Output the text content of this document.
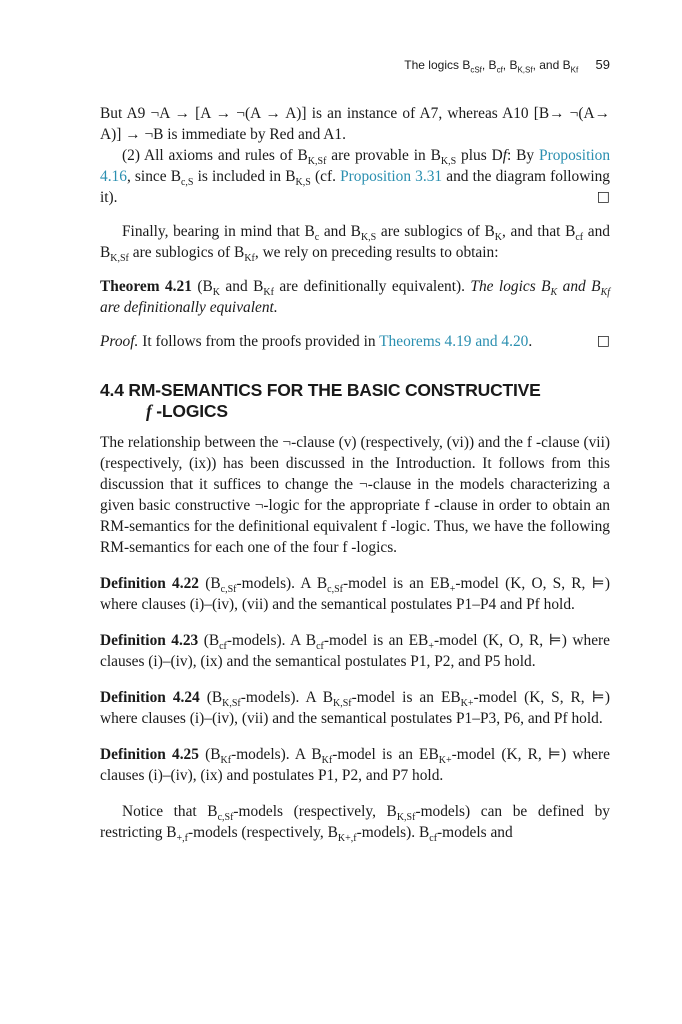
The logics $B_{cSf}$, $B_{cf}$, $B_{K,Sf}$, and $B_{Kf}$ 59

But A9 ¬A → [A → ¬(A → A)] is an instance of A7, whereas A10 [B→ ¬(A→ A)] → ¬B is immediate by Red and A1.

(2) All axioms and rules of $B_{K,Sf}$ are provable in $B_{K,S}$ plus Df: By Proposition 4.16, since $B_{c,S}$ is included in $B_{K,S}$ (cf. Proposition 3.31 and the diagram following it).	□

Finally, bearing in mind that $B_c$ and $B_{K,S}$ are sublogics of $B_K$, and that $B_{cf}$ and $B_{K,Sf}$ are sublogics of $B_{Kf}$, we rely on preceding results to obtain:

Theorem 4.21 ($B_K$ and $B_{Kf}$ are definitionally equivalent). The logics $B_K$ and $B_{Kf}$ are definitionally equivalent.

Proof. It follows from the proofs provided in Theorems 4.19 and 4.20.	□

4.4 RM-SEMANTICS FOR THE BASIC CONSTRUCTIVE
f -LOGICS

The relationship between the ¬-clause (v) (respectively, (vi)) and the f -clause (vii) (respectively, (ix)) has been discussed in the Introduction. It follows from this discussion that it suffices to change the ¬-clause in the models characterizing a given basic constructive ¬-logic for the appropriate f -clause in order to obtain an RM-semantics for the definitional equivalent f -logic. Thus, we have the following RM-semantics for each one of the four f -logics.

Definition 4.22 $(B_{c,Sf}-models)$. A $B_{c,Sf}$-model is an $EB_+$-model (K, O, S, R, ⊨) where clauses (i)–(iv), (vii) and the semantical postulates P1–P4 and Pf hold.

Definition 4.23 $(B_{cf}-models)$. A $B_{cf}$-model is an $EB_+$-model (K, O, R, ⊨) where clauses (i)–(iv), (ix) and the semantical postulates P1, P2, and P5 hold.

Definition 4.24 $(B_{K,Sf}-models)$. A $B_{K,Sf}$-model is an $EB_{K+}$-model (K, S, R, ⊨) where clauses (i)–(iv), (vii) and the semantical postulates P1–P3, P6, and Pf hold.

Definition 4.25 $(B_{Kf}-models)$. A $B_{Kf}$-model is an $EB_{K+}$-model (K, R, ⊨) where clauses (i)–(iv), (ix) and postulates P1, P2, and P7 hold.

Notice that $B_{c,Sf}$-models (respectively, $B_{K,Sf}-models$) can be defined by restricting $B_{+,f}$-models (respectively, $B_{K+,f}-models$). $B_{cf}$-models and
